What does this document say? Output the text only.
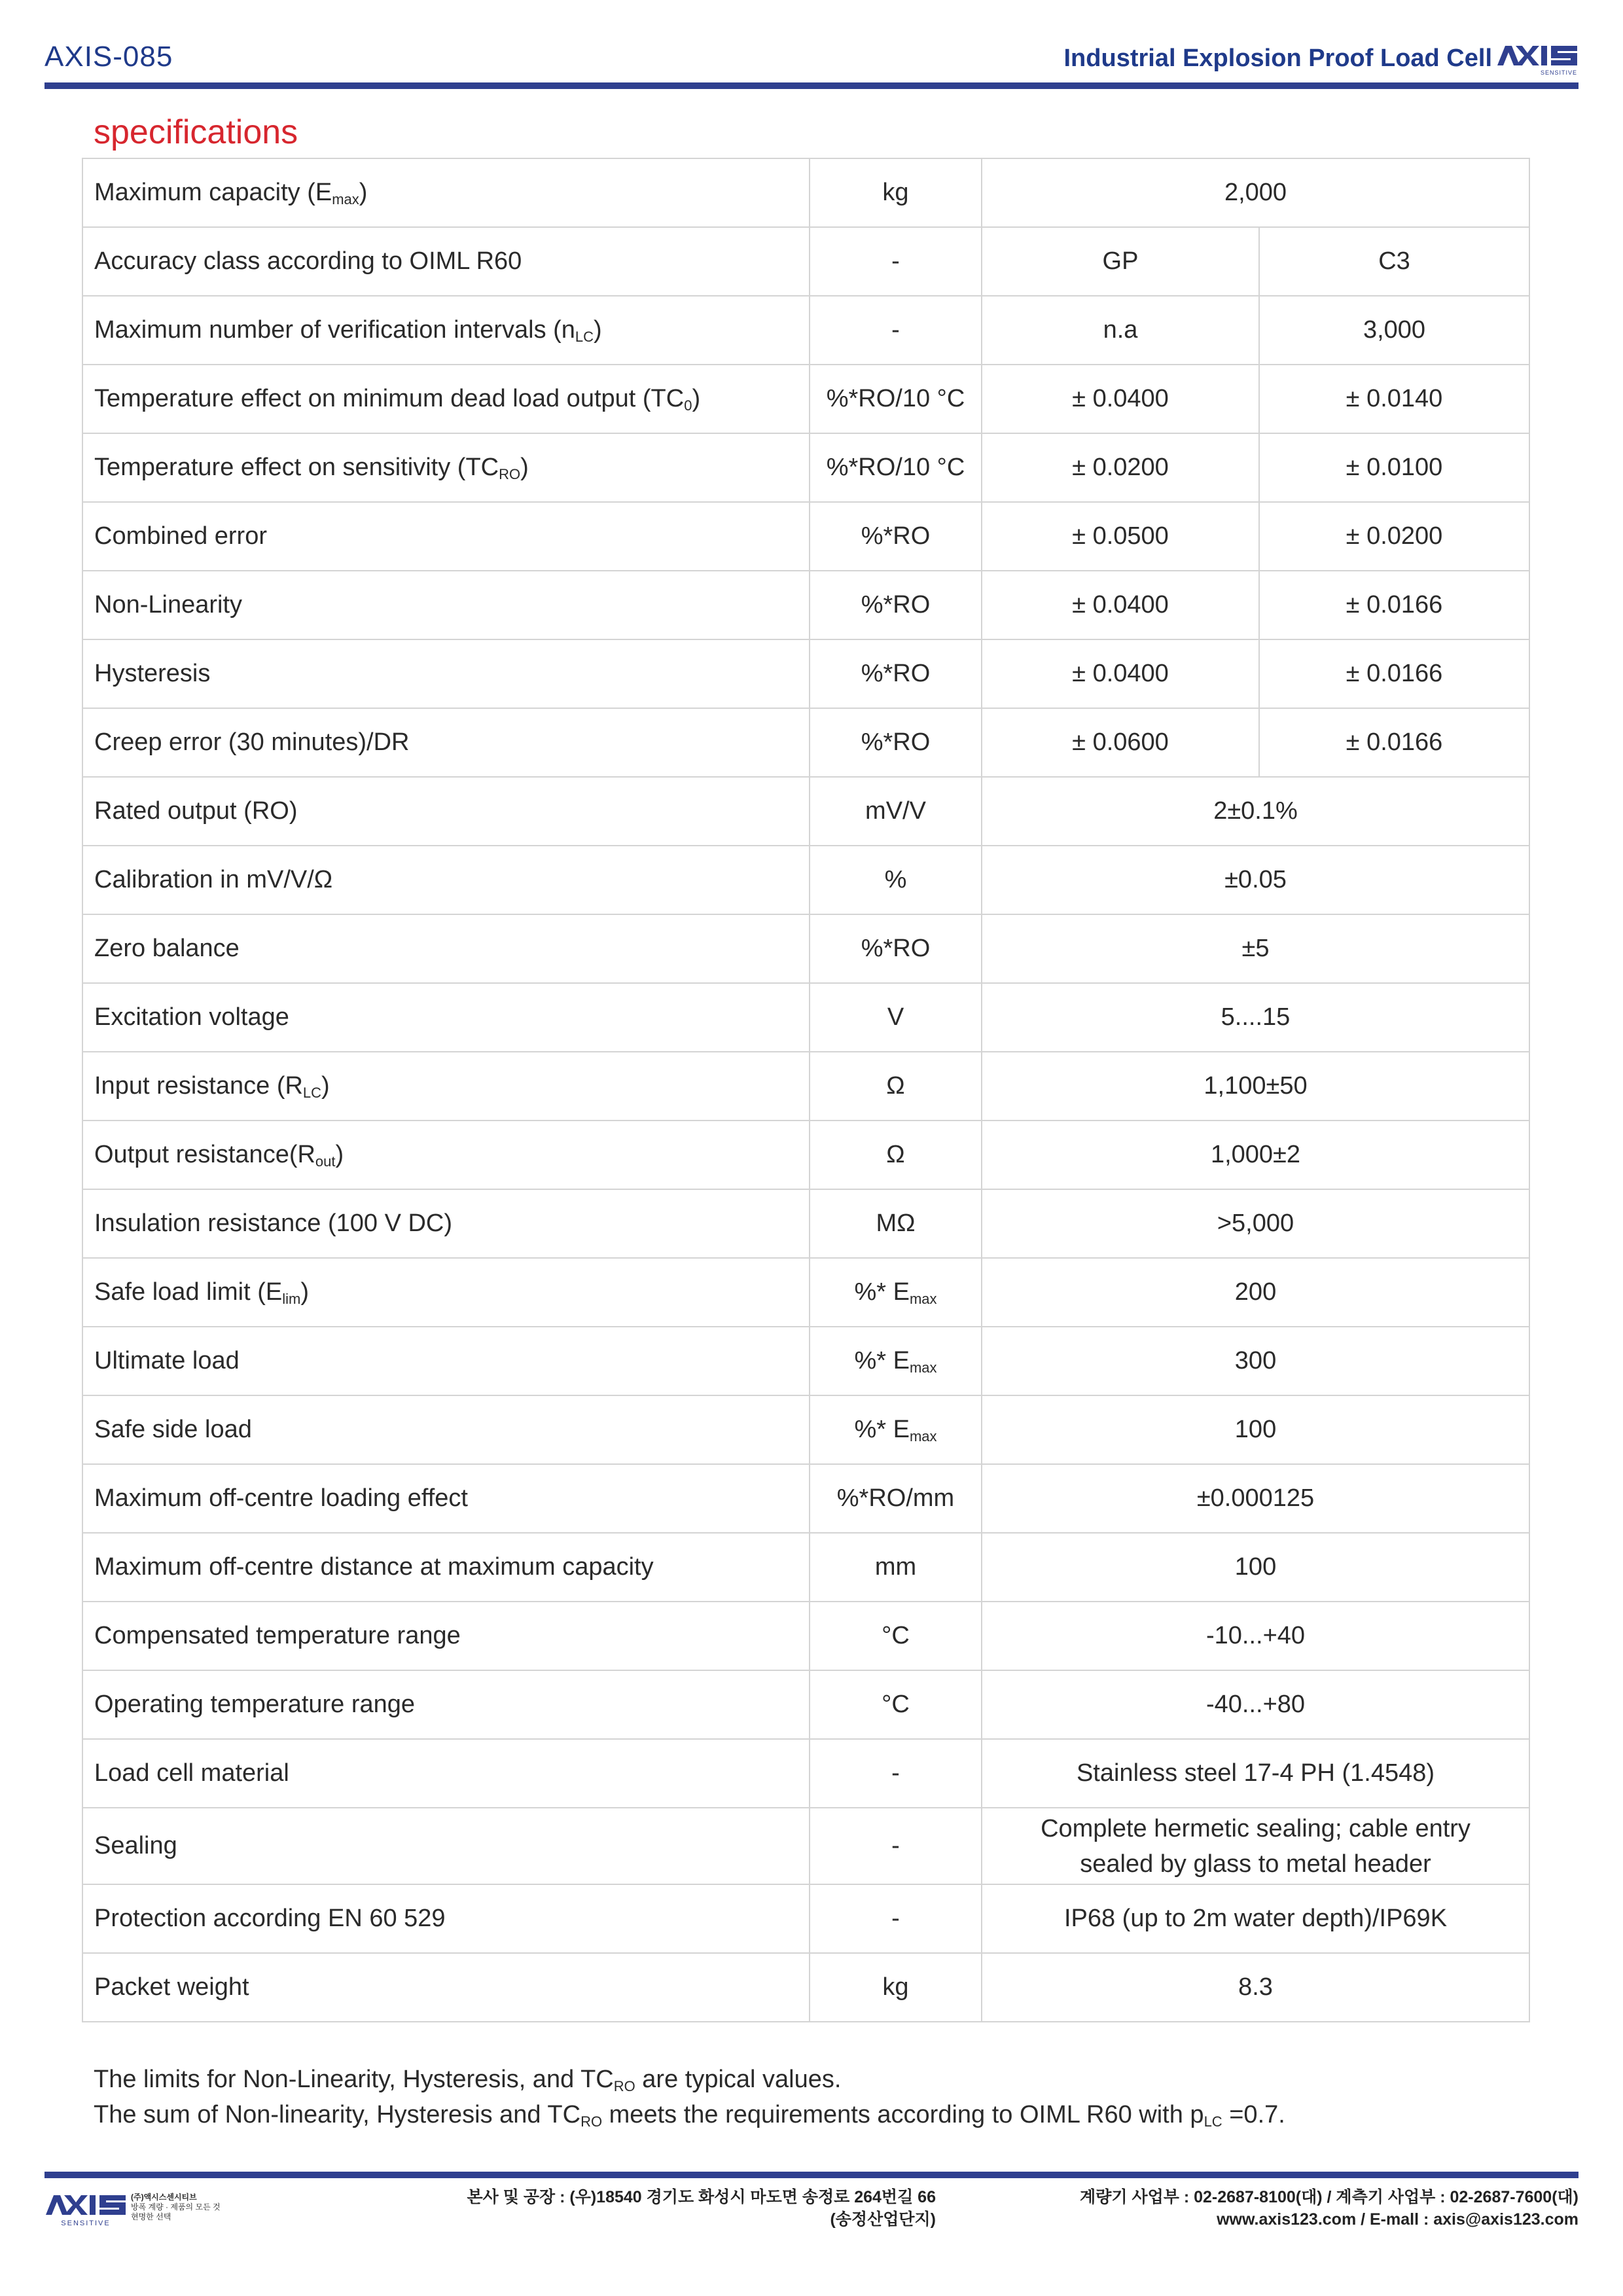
AXIS-085	Industrial Explosion Proof Load Cell
SENSITIVE
specifications
Maximum capacity $(E_{max})$	kg	2,000	
Accuracy class according to OIML R60	-	GP	C3
Maximum number of verification intervals $(n_{LC})$	-	n.a	3,000
Temperature effect on minimum dead load output $(TC_0)$	%*RO/10 °C	± 0.0400	± 0.0140
Temperature effect on sensitivity $(TC_{RO})$	%*RO/10 °C	± 0.0200	± 0.0100
Combined error	%*RO	± 0.0500	± 0.0200
Non-Linearity	%*RO	± 0.0400	± 0.0166
Hysteresis	%*RO	± 0.0400	± 0.0166
Creep error (30 minutes)/DR	%*RO	± 0.0600	± 0.0166
Rated output (RO)	mV/V	2±0.1%	
Calibration in mV/V/Ω	%	±0.05	
Zero balance	%*RO	±5	
Excitation voltage	V	5....15	
Input resistance $(R_{LC})$	Ω	1,100±50	
Output $resistance(R_{out})$	Ω	1,000±2	
Insulation resistance (100 V DC)	MΩ	>5,000	
Safe load limit $(E_{lim})$	%* $E_{max}$	200	
Ultimate load	%* $E_{max}$	300	
Safe side load	%* $E_{max}$	100	
Maximum off-centre loading effect	%*RO/mm	±0.000125	
Maximum off-centre distance at maximum capacity	mm	100	
Compensated temperature range	°C	-10...+40	
Operating temperature range	°C	-40...+80	
Load cell material	-	Stainless steel 17-4 PH (1.4548)	
Sealing	-	Complete hermetic sealing; cable entry
sealed by glass to metal header	

Protection according EN 60 529	-	IP68 (up to 2m water depth)/IP69K	
Packet weight	kg	8.3	

The limits for Non-Linearity, Hysteresis, and $TC_{RO}$ are typical values.

The sum of Non-linearity, Hysteresis and $TC_{RO}$ meets the requirements according to OIML R60 with $p_{LC} =0.7$.

SENSITIVE
(주)액시스센시티브
방폭 계량 · 제품의 모든 것
현명한 선택
본사 및 공장 : (우)18540 경기도 화성시 마도면 송정로 264번길 66
(송정산업단지)
계량기 사업부 : 02-2687-8100(대) / 계측기 사업부 : 02-2687-7600(대)
www.axis123.com / E-mall : axis@axis123.com
